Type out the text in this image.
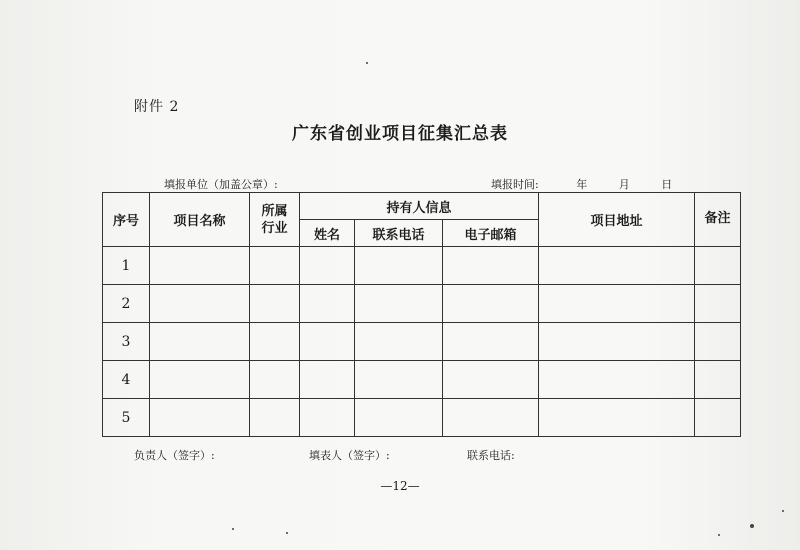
附件 2
广东省创业项目征集汇总表
填报单位（加盖公章）:	填报时间:	年	月	日
序号	项目名称	所属行业	持有人信息			项目地址	备注
			姓名	联系电话	电子邮箱		
1							
2							
3							
4							
5							
负责人（签字）:	填表人（签字）:	联系电话:
—12—
